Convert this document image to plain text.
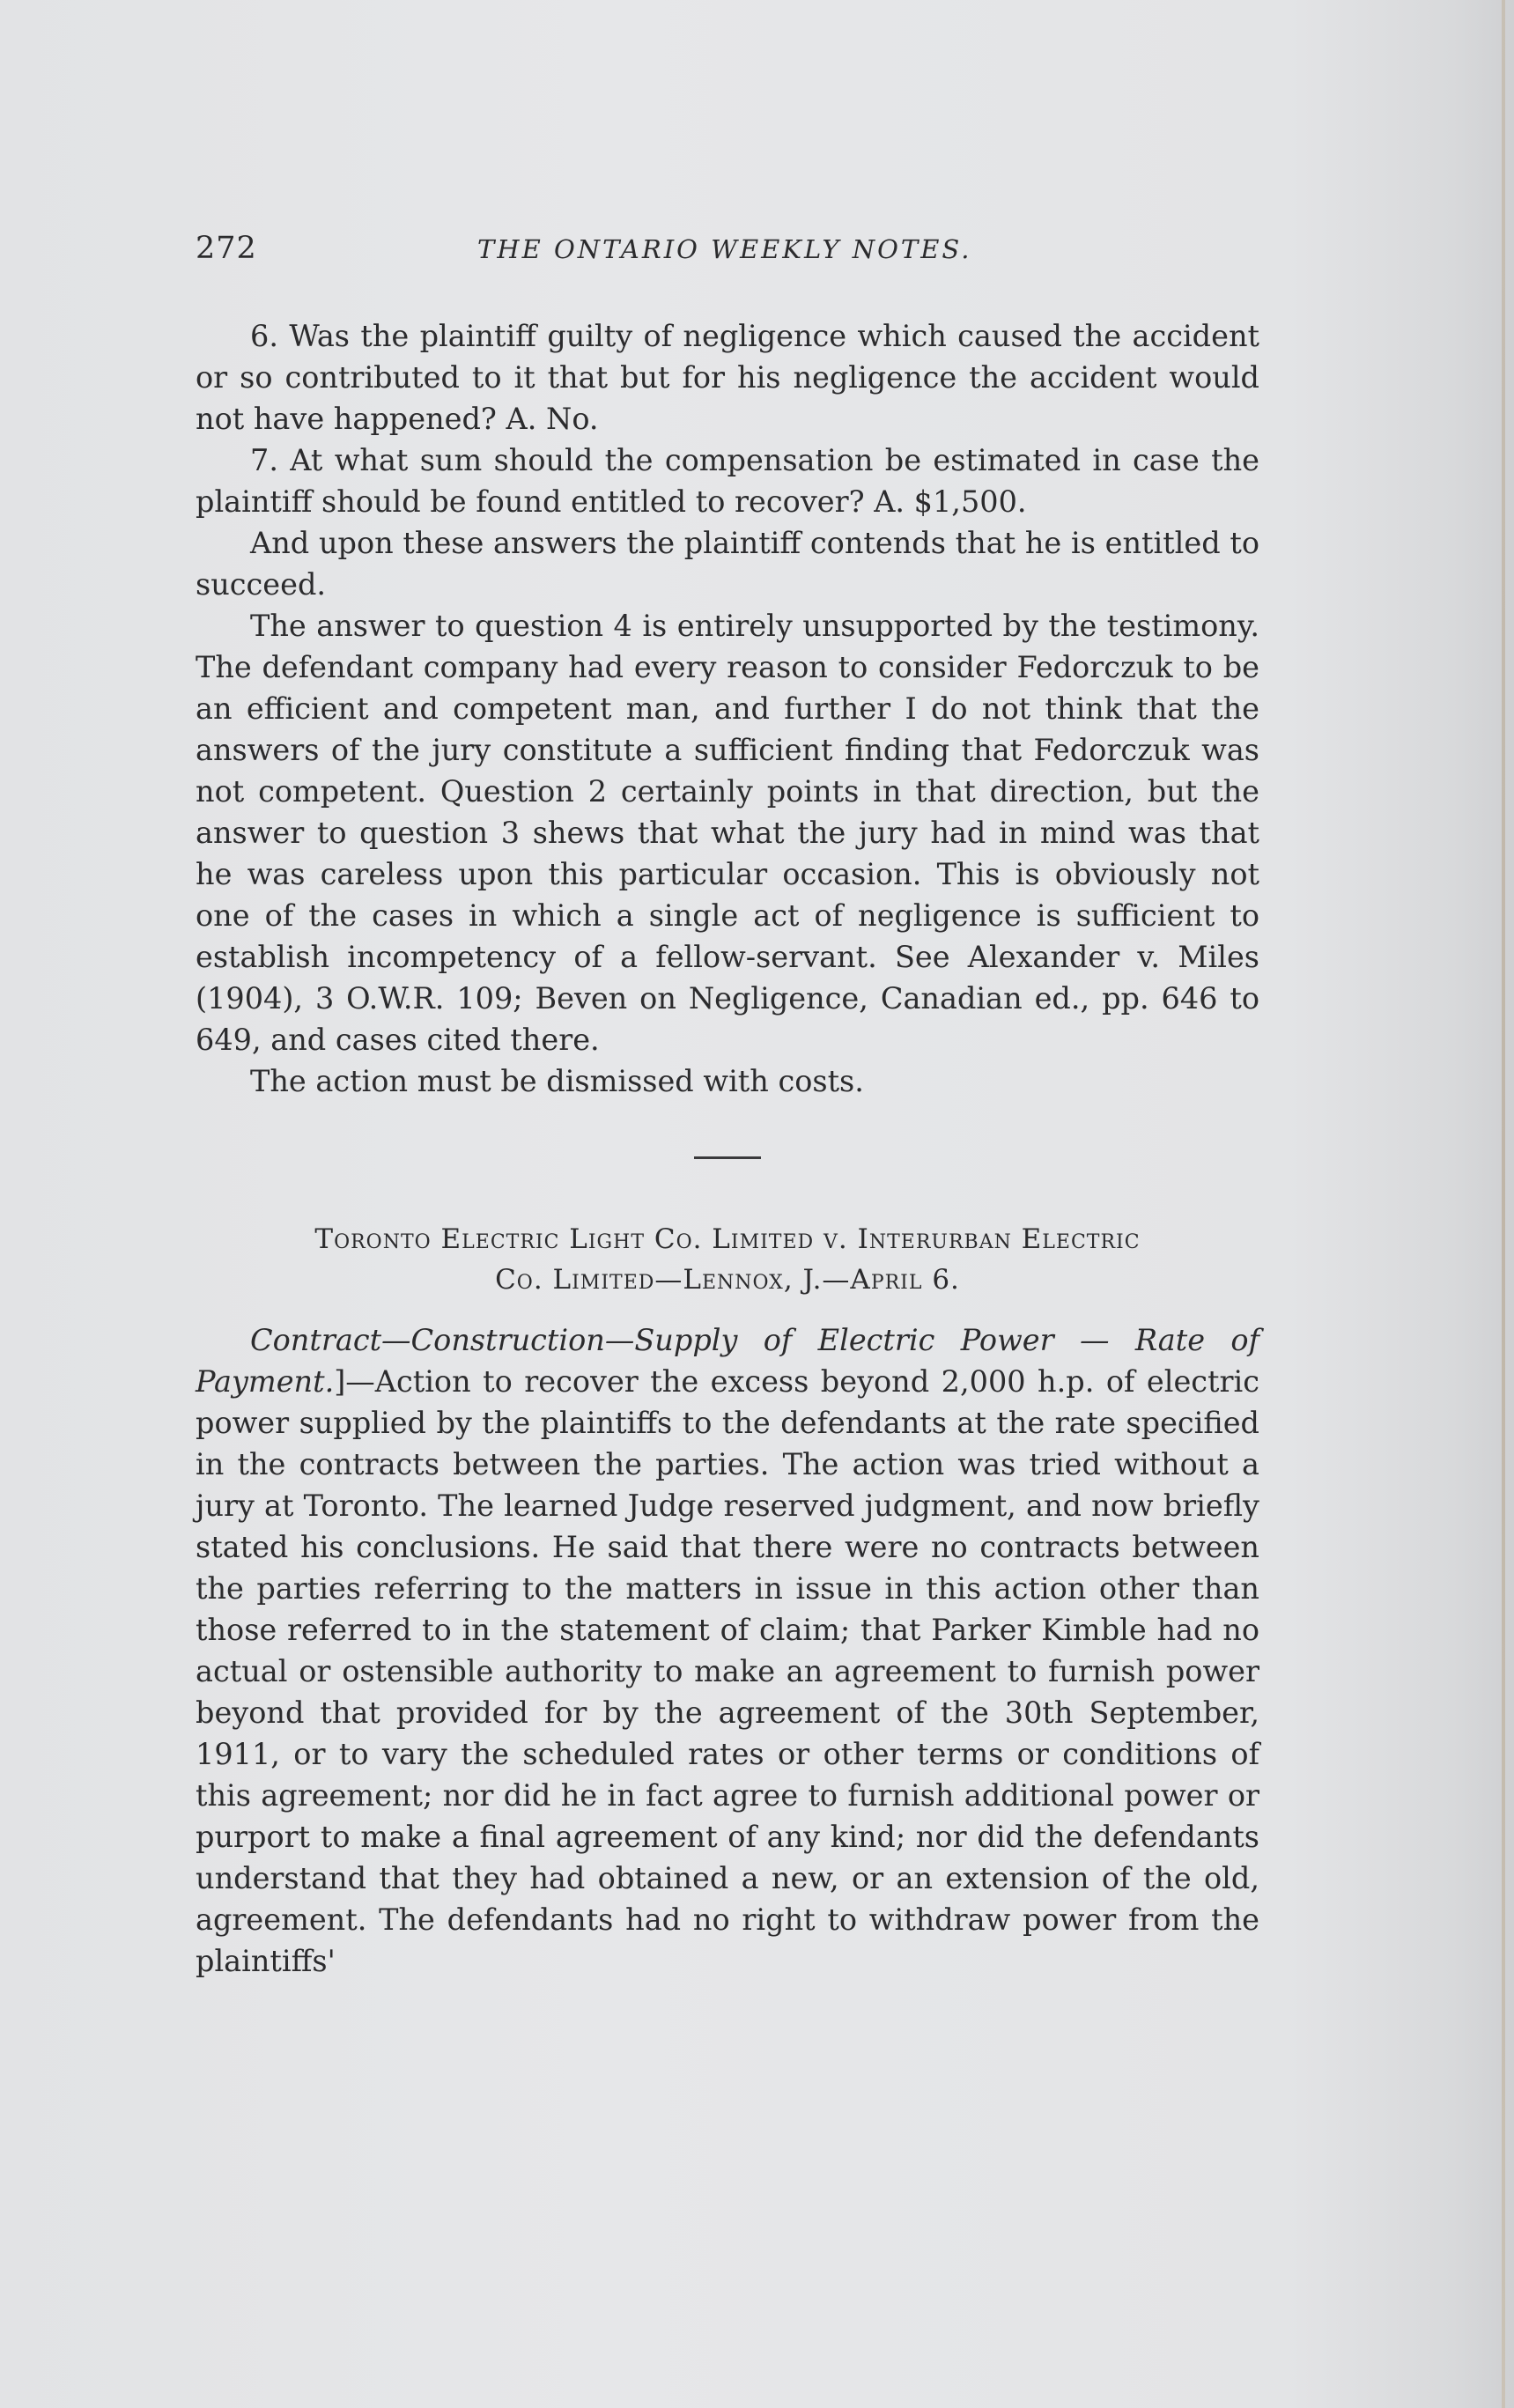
272	THE ONTARIO WEEKLY NOTES.

6. Was the plaintiff guilty of negligence which caused the accident or so contributed to it that but for his negligence the accident would not have happened? A. No.

7. At what sum should the compensation be estimated in case the plaintiff should be found entitled to recover? A. $1,500.

And upon these answers the plaintiff contends that he is entitled to succeed.

The answer to question 4 is entirely unsupported by the testimony. The defendant company had every reason to consider Fedorczuk to be an efficient and competent man, and further I do not think that the answers of the jury constitute a sufficient finding that Fedorczuk was not competent. Question 2 certainly points in that direction, but the answer to question 3 shews that what the jury had in mind was that he was careless upon this particular occasion. This is obviously not one of the cases in which a single act of negligence is sufficient to establish incompetency of a fellow-servant. See Alexander v. Miles (1904), 3 O.W.R. 109; Beven on Negligence, Canadian ed., pp. 646 to 649, and cases cited there.

The action must be dismissed with costs.

Toronto Electric Light Co. Limited v. Interurban Electric
Co. Limited—Lennox, J.—April 6.

Contract—Construction—Supply of Electric Power — Rate of Payment.]—Action to recover the excess beyond 2,000 h.p. of electric power supplied by the plaintiffs to the defendants at the rate specified in the contracts between the parties. The action was tried without a jury at Toronto. The learned Judge reserved judgment, and now briefly stated his conclusions. He said that there were no contracts between the parties referring to the matters in issue in this action other than those referred to in the statement of claim; that Parker Kimble had no actual or ostensible authority to make an agreement to furnish power beyond that provided for by the agreement of the 30th September, 1911, or to vary the scheduled rates or other terms or conditions of this agreement; nor did he in fact agree to furnish additional power or purport to make a final agreement of any kind; nor did the defendants understand that they had obtained a new, or an extension of the old, agreement. The defendants had no right to withdraw power from the plaintiffs'
